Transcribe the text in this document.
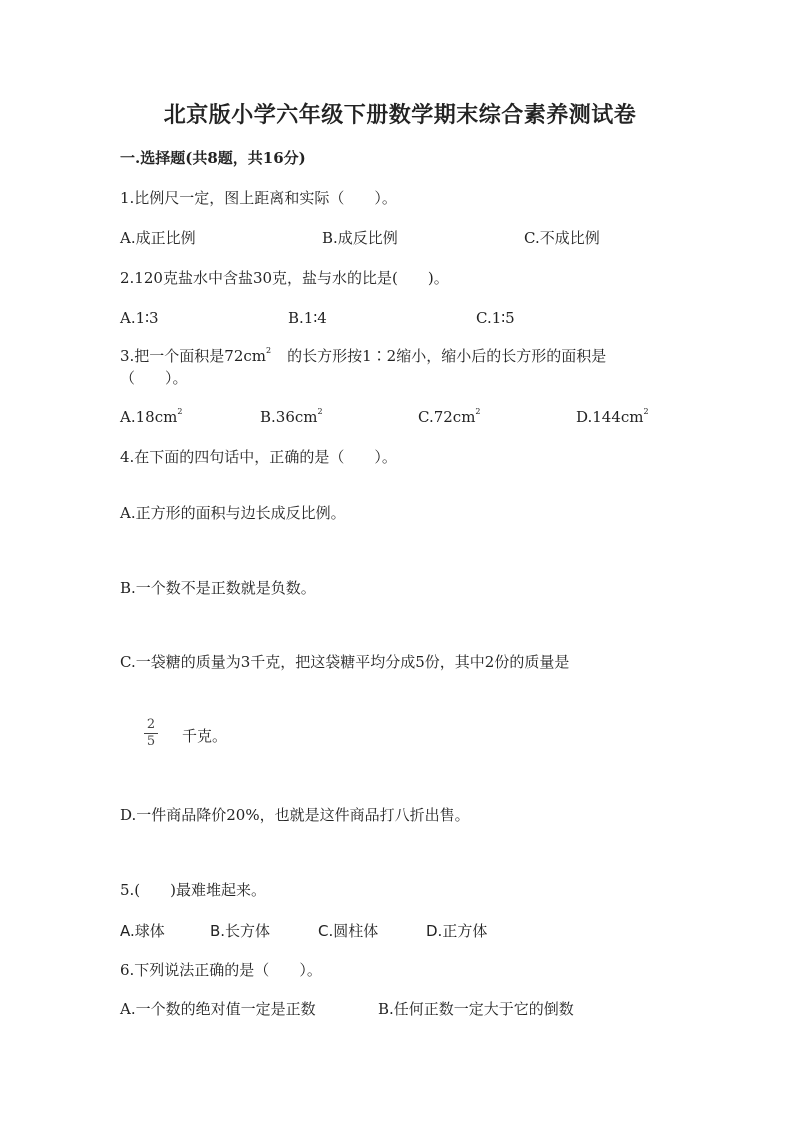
北京版小学六年级下册数学期末综合素养测试卷
一.选择题(共8题，共16分)
1.比例尺一定，图上距离和实际（　　）。
A.成正比例	B.成反比例	C.不成比例
2.120克盐水中含盐30克，盐与水的比是(　　)。
A.1∶3	B.1∶4	C.1∶5
3.把一个面积是$72cm^2$ 的长方形按1∶2缩小，缩小后的长方形的面积是
（　　）。
$A.18cm^2$	$B.36cm^2$	$C.72cm^2$	$D.144cm^2$
4.在下面的四句话中，正确的是（　　）。
A.正方形的面积与边长成反比例。
B.一个数不是正数就是负数。
C.一袋糖的质量为3千克，把这袋糖平均分成5份，其中2份的质量是
2
5 千克。
D.一件商品降价20%，也就是这件商品打八折出售。
5.(　　)最难堆起来。
A.球体	B.长方体	C.圆柱体	D.正方体
6.下列说法正确的是（　　）。
A.一个数的绝对值一定是正数	B.任何正数一定大于它的倒数
